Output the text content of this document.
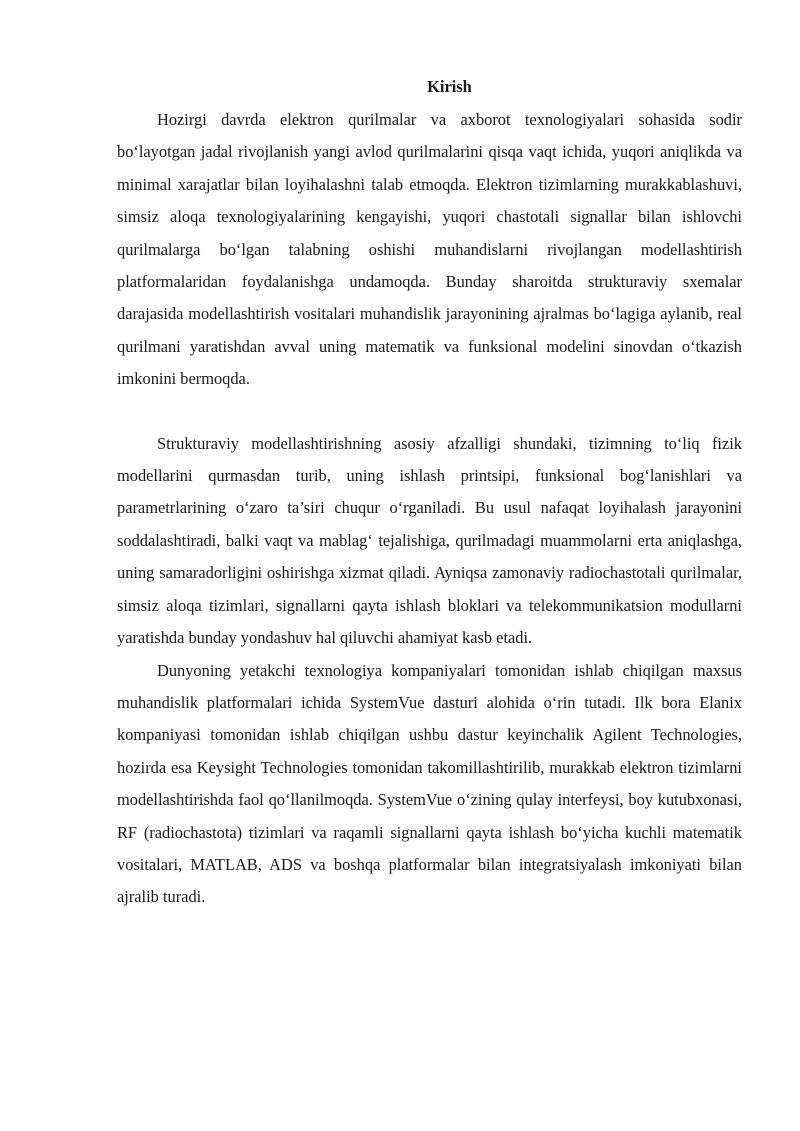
Kirish

Hozirgi davrda elektron qurilmalar va axborot texnologiyalari sohasida sodir bo‘layotgan jadal rivojlanish yangi avlod qurilmalarini qisqa vaqt ichida, yuqori aniqlikda va minimal xarajatlar bilan loyihalashni talab etmoqda. Elektron tizimlarning murakkablashuvi, simsiz aloqa texnologiyalarining kengayishi, yuqori chastotali signallar bilan ishlovchi qurilmalarga bo‘lgan talabning oshishi muhandislarni rivojlangan modellashtirish platformalaridan foydalanishga undamoqda. Bunday sharoitda strukturaviy sxemalar darajasida modellashtirish vositalari muhandislik jarayonining ajralmas bo‘lagiga aylanib, real qurilmani yaratishdan avval uning matematik va funksional modelini sinovdan o‘tkazish imkonini bermoqda.

Strukturaviy modellashtirishning asosiy afzalligi shundaki, tizimning to‘liq fizik modellarini qurmasdan turib, uning ishlash printsipi, funksional bog‘lanishlari va parametrlarining o‘zaro ta’siri chuqur o‘rganiladi. Bu usul nafaqat loyihalash jarayonini soddalashtiradi, balki vaqt va mablag‘ tejalishiga, qurilmadagi muammolarni erta aniqlashga, uning samaradorligini oshirishga xizmat qiladi. Ayniqsa zamonaviy radiochastotali qurilmalar, simsiz aloqa tizimlari, signallarni qayta ishlash bloklari va telekommunikatsion modullarni yaratishda bunday yondashuv hal qiluvchi ahamiyat kasb etadi.

Dunyoning yetakchi texnologiya kompaniyalari tomonidan ishlab chiqilgan maxsus muhandislik platformalari ichida SystemVue dasturi alohida o‘rin tutadi. Ilk bora Elanix kompaniyasi tomonidan ishlab chiqilgan ushbu dastur keyinchalik Agilent Technologies, hozirda esa Keysight Technologies tomonidan takomillashtirilib, murakkab elektron tizimlarni modellashtirishda faol qo‘llanilmoqda. SystemVue o‘zining qulay interfeysi, boy kutubxonasi, RF (radiochastota) tizimlari va raqamli signallarni qayta ishlash bo‘yicha kuchli matematik vositalari, MATLAB, ADS va boshqa platformalar bilan integratsiyalash imkoniyati bilan ajralib turadi.
